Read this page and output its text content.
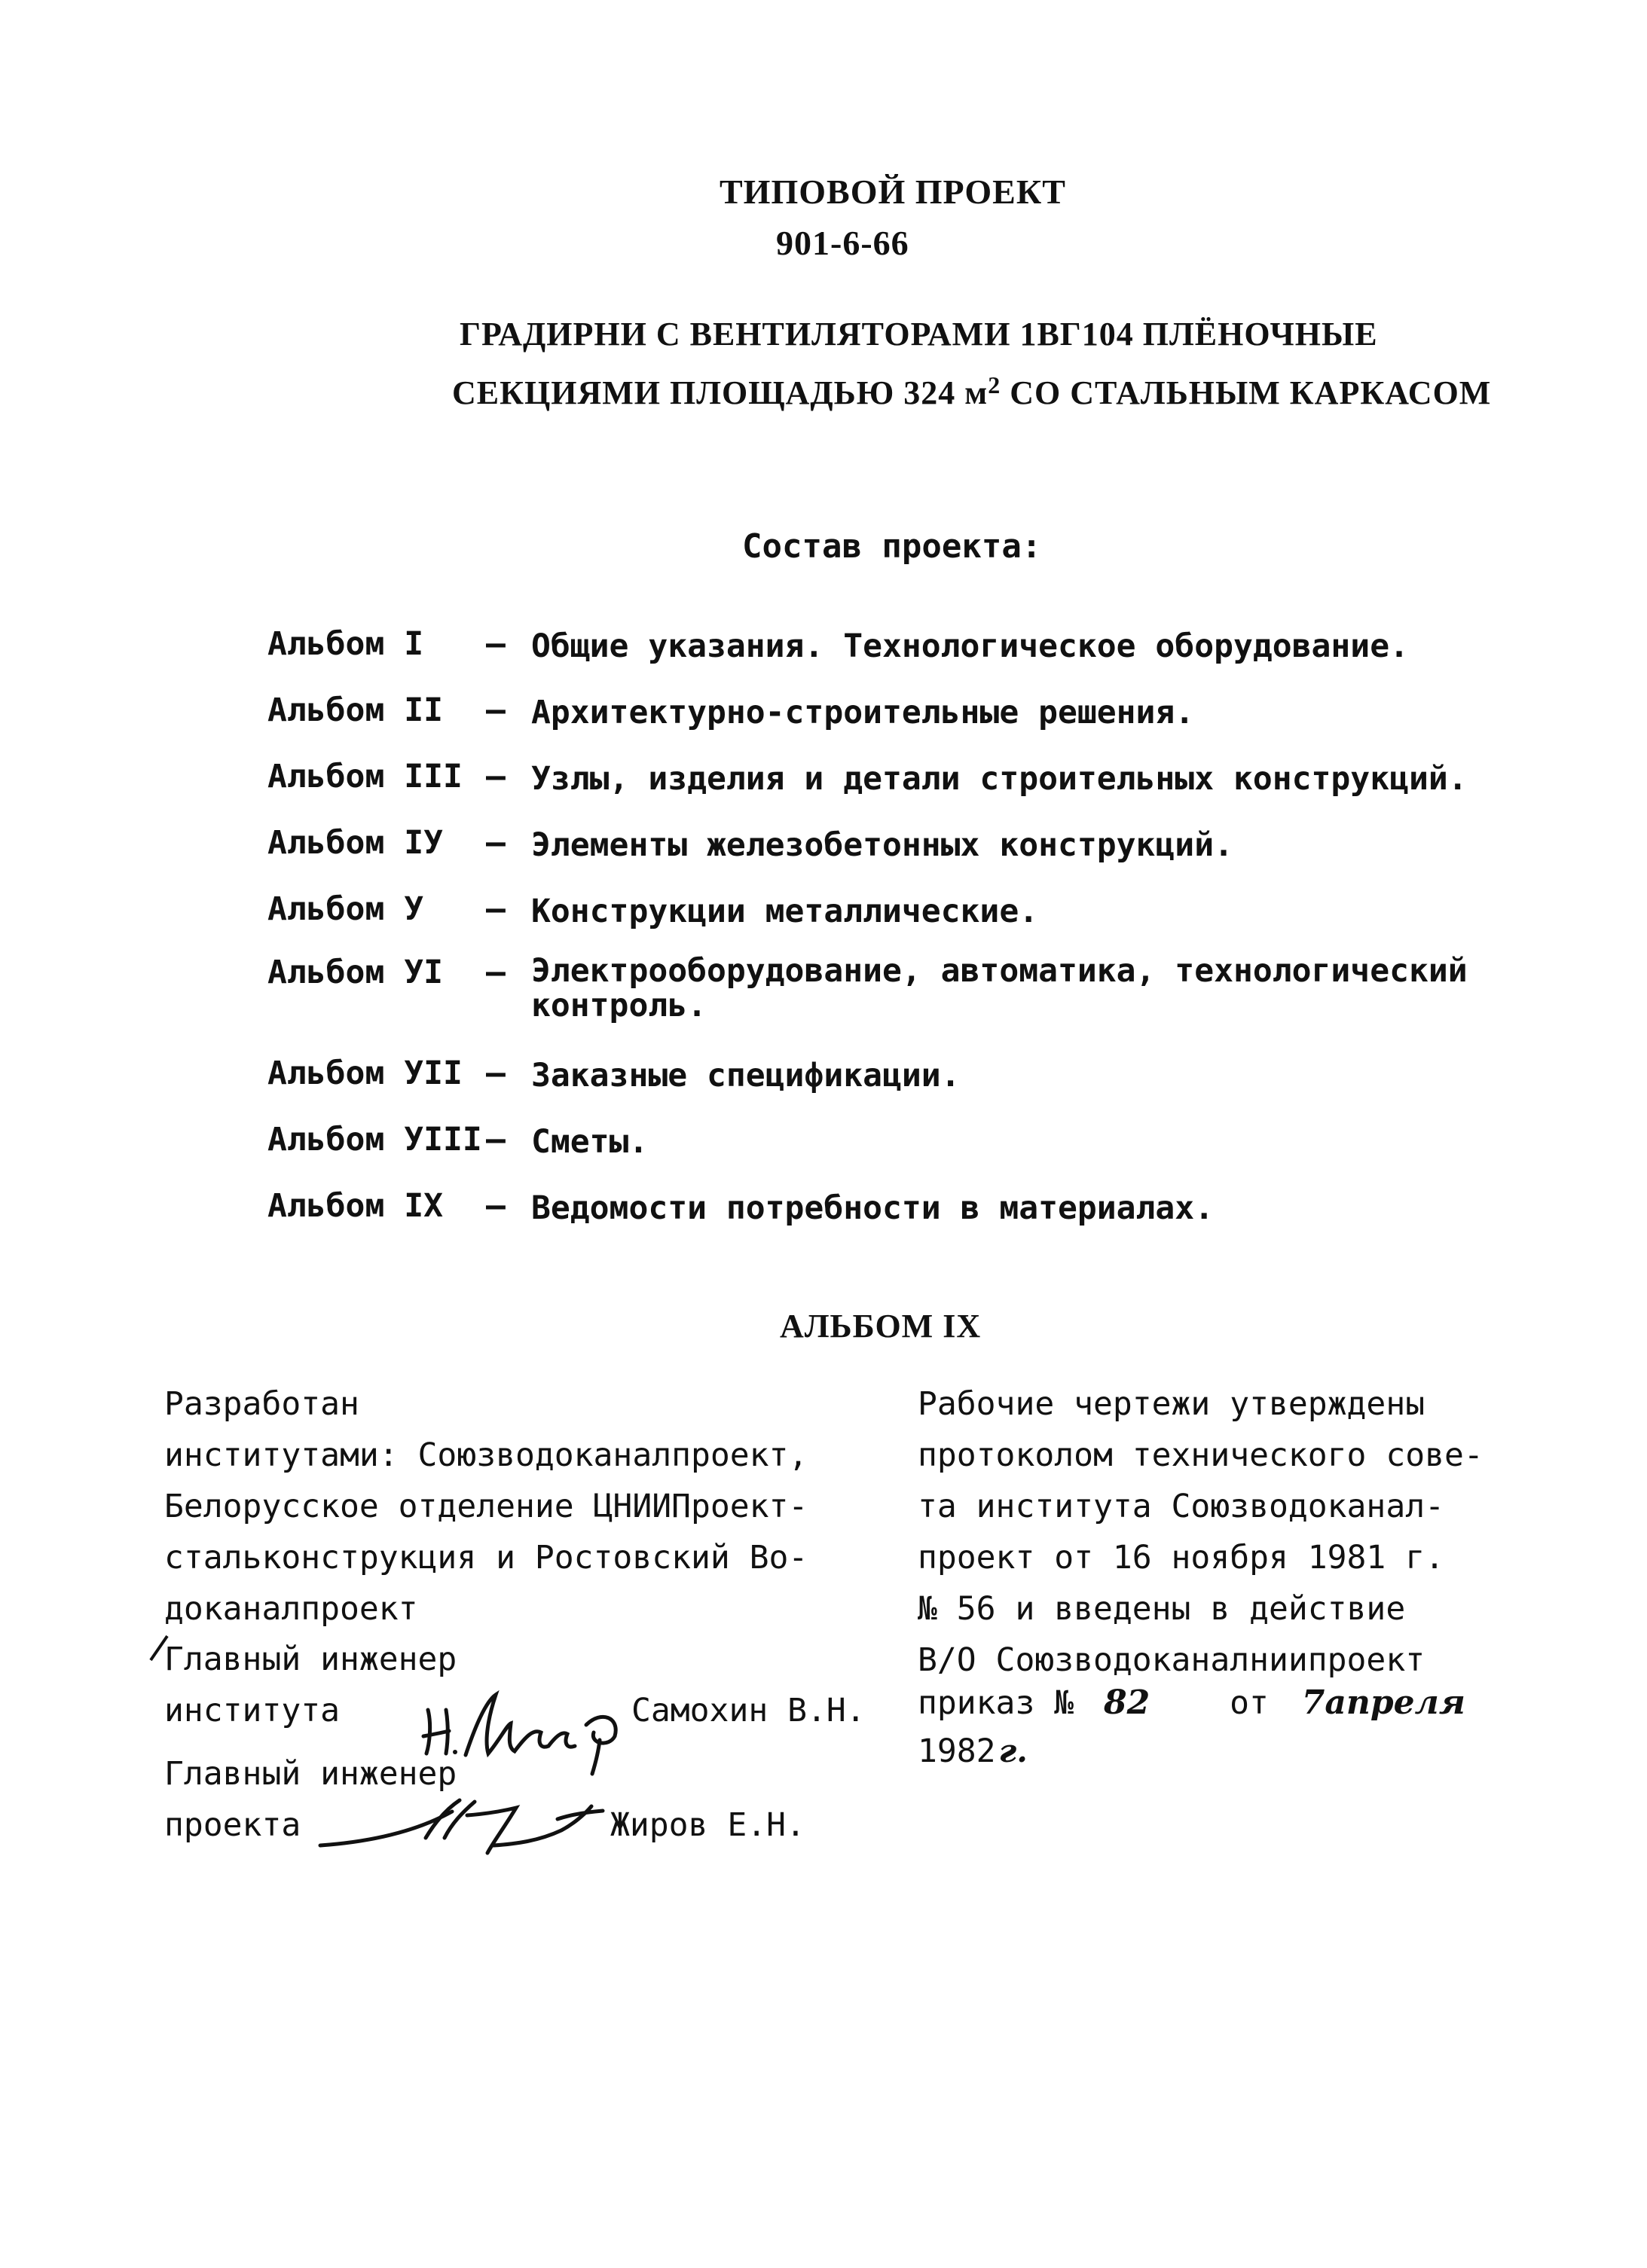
ТИПОВОЙ ПРОЕКТ
901-6-66
ГРАДИРНИ С ВЕНТИЛЯТОРАМИ 1ВГ104 ПЛЁНОЧНЫЕ
СЕКЦИЯМИ ПЛОЩАДЬЮ 324 $м^2$ СО СТАЛЬНЫМ КАРКАСОМ
Состав проекта:
Альбом I – Общие указания. Технологическое оборудование.
Альбом II – Архитектурно-строительные решения.
Альбом III – Узлы, изделия и детали строительных конструкций.
Альбом IУ – Элементы железобетонных конструкций.
Альбом У – Конструкции металлические.
Альбом УI – Электрооборудование, автоматика, технологический
контроль.
Альбом УII – Заказные спецификации.
Альбом УIII – Сметы.
Альбом IX – Ведомости потребности в материалах.
АЛЬБОМ IX
Разработан
институтами: Союзводоканалпроект,
Белорусское отделение ЦНИИПроект-
стальконструкция и Ростовский Во-
доканалпроект
Главный инженер
института	Самохин В.Н.
Главный инженер
проекта	Жиров Е.Н.
Рабочие чертежи утверждены
протоколом технического сове-
та института Союзводоканал-
проект от 16 ноября 1981 г.
№ 56 и введены в действие
В/О Союзводоканалниипроект
приказ № 82 от 7апреля
1982г.
